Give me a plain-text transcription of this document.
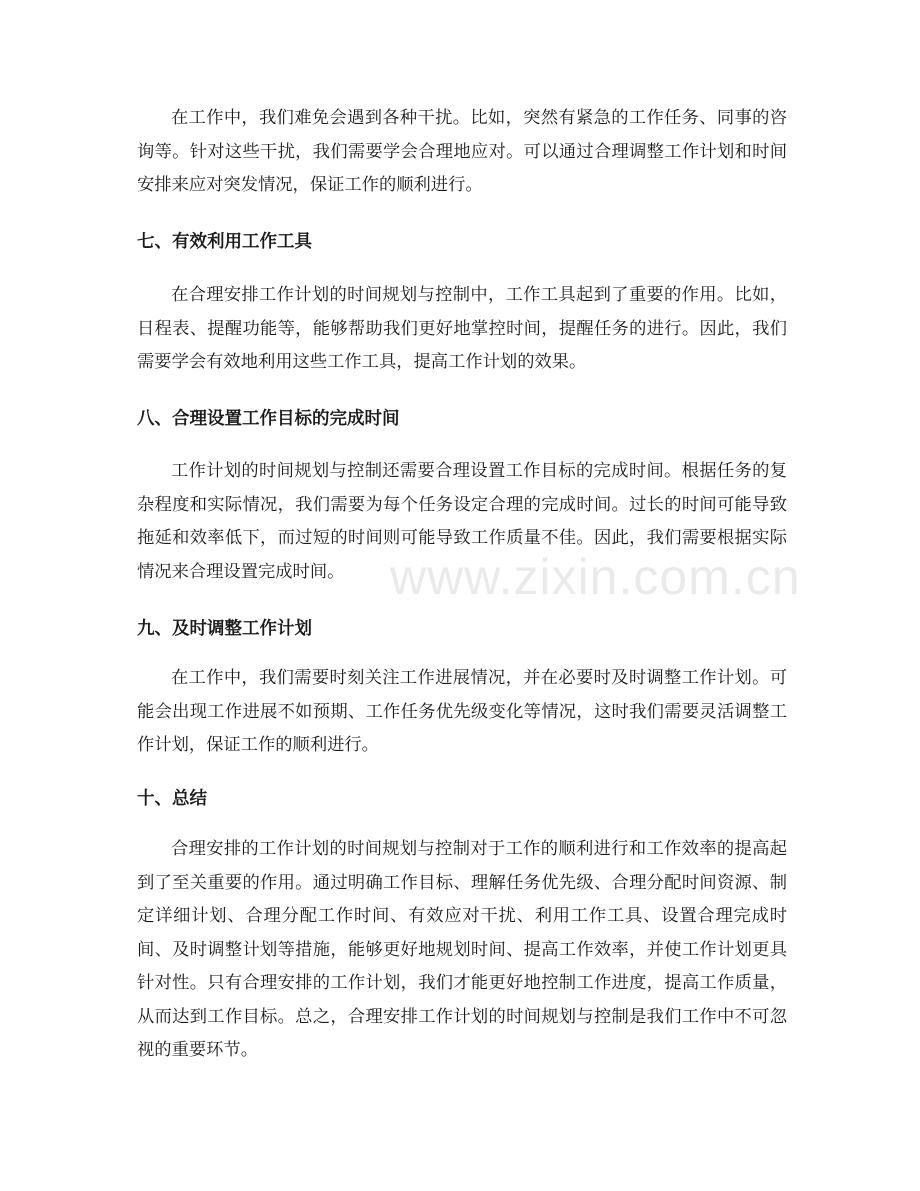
在工作中，我们难免会遇到各种干扰。比如，突然有紧急的工作任务、同事的咨询等。针对这些干扰，我们需要学会合理地应对。可以通过合理调整工作计划和时间安排来应对突发情况，保证工作的顺利进行。

七、有效利用工作工具

在合理安排工作计划的时间规划与控制中，工作工具起到了重要的作用。比如，日程表、提醒功能等，能够帮助我们更好地掌控时间，提醒任务的进行。因此，我们需要学会有效地利用这些工作工具，提高工作计划的效果。

八、合理设置工作目标的完成时间

工作计划的时间规划与控制还需要合理设置工作目标的完成时间。根据任务的复杂程度和实际情况，我们需要为每个任务设定合理的完成时间。过长的时间可能导致拖延和效率低下，而过短的时间则可能导致工作质量不佳。因此，我们需要根据实际情况来合理设置完成时间。

九、及时调整工作计划

在工作中，我们需要时刻关注工作进展情况，并在必要时及时调整工作计划。可能会出现工作进展不如预期、工作任务优先级变化等情况，这时我们需要灵活调整工作计划，保证工作的顺利进行。

十、总结

合理安排的工作计划的时间规划与控制对于工作的顺利进行和工作效率的提高起到了至关重要的作用。通过明确工作目标、理解任务优先级、合理分配时间资源、制定详细计划、合理分配工作时间、有效应对干扰、利用工作工具、设置合理完成时间、及时调整计划等措施，能够更好地规划时间、提高工作效率，并使工作计划更具针对性。只有合理安排的工作计划，我们才能更好地控制工作进度，提高工作质量，从而达到工作目标。总之，合理安排工作计划的时间规划与控制是我们工作中不可忽视的重要环节。

www.zixin.com.cn
